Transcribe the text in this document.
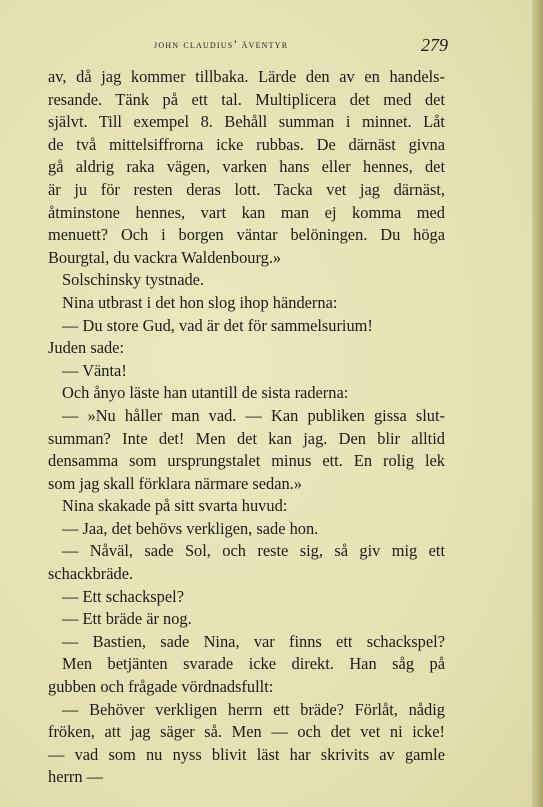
john claudius’ äventyr	279
av, då jag kommer tillbaka. Lärde den av en handels-
resande. Tänk på ett tal. Multiplicera det med det
självt. Till exempel 8. Behåll summan i minnet. Låt
de två mittelsiffrorna icke rubbas. De därnäst givna
gå aldrig raka vägen, varken hans eller hennes, det
är ju för resten deras lott. Tacka vet jag därnäst,
åtminstone hennes, vart kan man ej komma med
menuett? Och i borgen väntar belöningen. Du höga
Bourgtal, du vackra Waldenbourg.»
Solschinsky tystnade.
Nina utbrast i det hon slog ihop händerna:
— Du store Gud, vad är det för sammelsurium!
Juden sade:
— Vänta!
Och ånyo läste han utantill de sista raderna:
— »Nu håller man vad. — Kan publiken gissa slut-
summan? Inte det! Men det kan jag. Den blir alltid
densamma som ursprungstalet minus ett. En rolig lek
som jag skall förklara närmare sedan.»
Nina skakade på sitt svarta huvud:
— Jaa, det behövs verkligen, sade hon.
— Nåväl, sade Sol, och reste sig, så giv mig ett
schackbräde.
— Ett schackspel?
— Ett bräde är nog.
— Bastien, sade Nina, var finns ett schackspel?
Men betjänten svarade icke direkt. Han såg på
gubben och frågade vördnadsfullt:
— Behöver verkligen herrn ett bräde? Förlåt, nådig
fröken, att jag säger så. Men — och det vet ni icke!
— vad som nu nyss blivit läst har skrivits av gamle
herrn —
